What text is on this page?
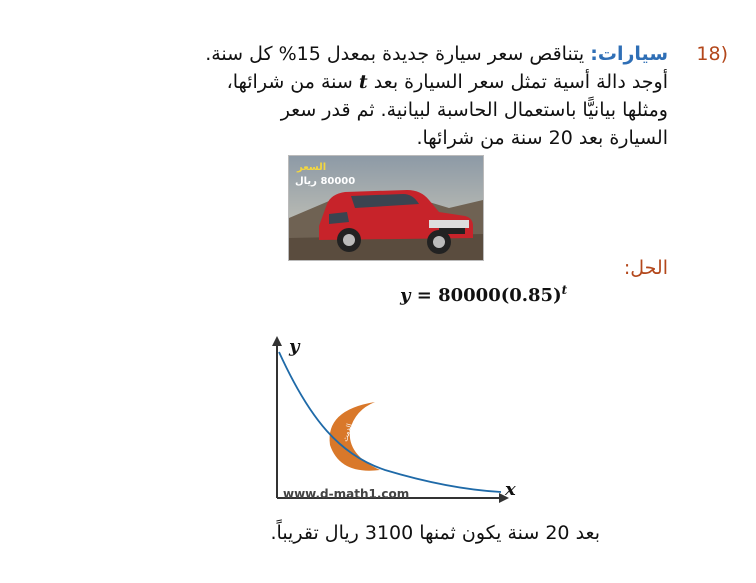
18)
سيارات: يتناقص سعر سيارة جديدة بمعدل 15% كل سنة.
أوجد دالة أسية تمثل سعر السيارة بعد t سنة من شرائها،
ومثلها بيانيًّا باستعمال الحاسبة لبيانية. ثم قدر سعر
السيارة بعد 20 سنة من شرائها.
السعر
80000 ريال
الحل:
$y = 80000(0.85)^t$
الدمث
y
x
www.d-math1.com
بعد 20 سنة يكون ثمنها 3100 ريال تقريباً.
